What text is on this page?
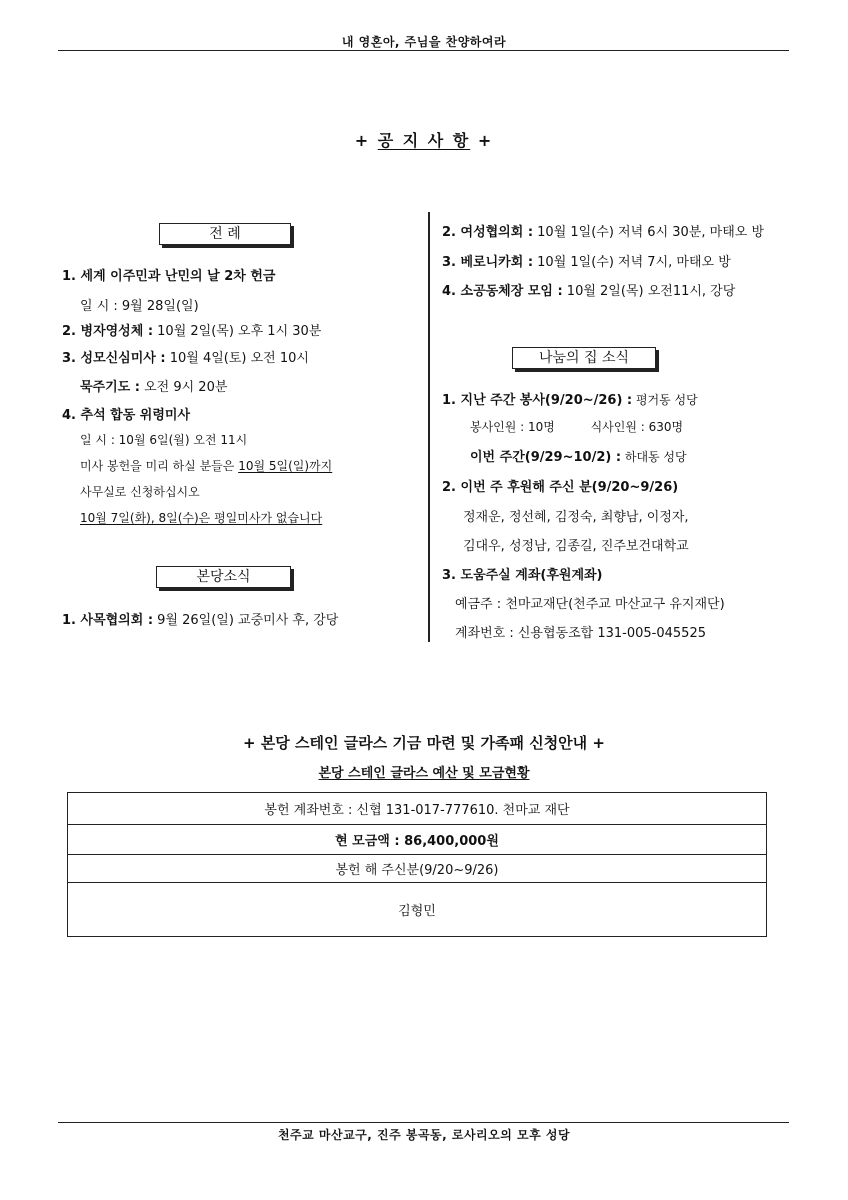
내 영혼아, 주님을 찬양하여라
+ 공 지 사 항 +
전 례
1. 세계 이주민과 난민의 날 2차 헌금
일 시 : 9월 28일(일)
2. 병자영성체 : 10월 2일(목) 오후 1시 30분
3. 성모신심미사 : 10월 4일(토) 오전 10시
묵주기도 : 오전 9시 20분
4. 추석 합동 위령미사
일 시 : 10월 6일(월) 오전 11시
미사 봉헌을 미리 하실 분들은 10월 5일(일)까지
사무실로 신청하십시오
10월 7일(화), 8일(수)은 평일미사가 없습니다
본당소식
1. 사목협의회 : 9월 26일(일) 교중미사 후, 강당
2. 여성협의회 : 10월 1일(수) 저녁 6시 30분, 마태오 방
3. 베로니카회 : 10월 1일(수) 저녁 7시, 마태오 방
4. 소공동체장 모임 : 10월 2일(목) 오전11시, 강당
나눔의 집 소식
1. 지난 주간 봉사(9/20~/26) : 평거동 성당
봉사인원 : 10명	식사인원 : 630명
이번 주간(9/29~10/2) : 하대동 성당
2. 이번 주 후원해 주신 분(9/20~9/26)
정재운, 정선혜, 김정숙, 최향남, 이정자,
김대우, 성정남, 김종길, 진주보건대학교
3. 도움주실 계좌(후원계좌)
예금주 : 천마교재단(천주교 마산교구 유지재단)
계좌번호 : 신용협동조합 131-005-045525
+ 본당 스테인 글라스 기금 마련 및 가족패 신청안내 +
본당 스테인 글라스 예산 및 모금현황
봉헌 계좌번호 : 신협 131-017-777610. 천마교 재단
현 모금액 : 86,400,000원
봉헌 해 주신분(9/20~9/26)
김형민
천주교 마산교구, 진주 봉곡동, 로사리오의 모후 성당
